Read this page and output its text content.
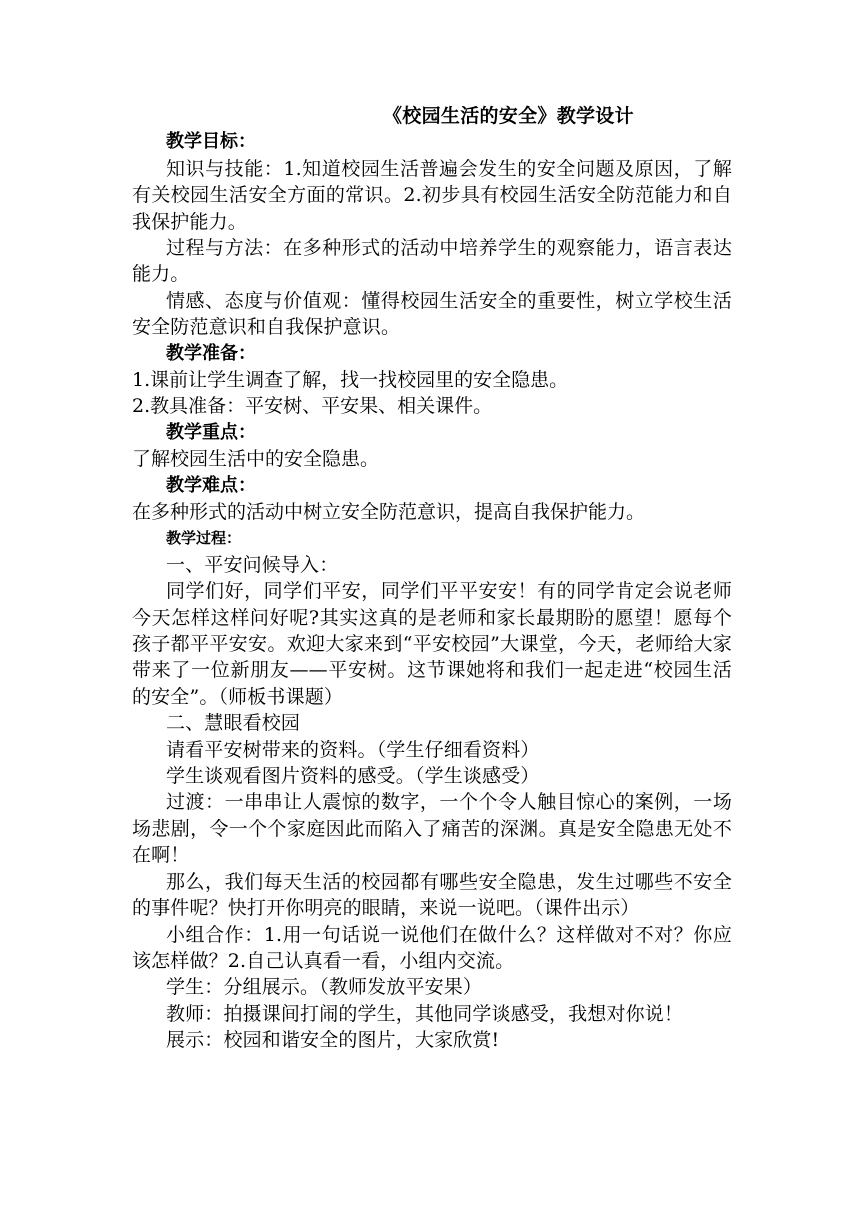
《校园生活的安全》教学设计
教学目标：

知识与技能：1.知道校园生活普遍会发生的安全问题及原因，了解有关校园生活安全方面的常识。2.初步具有校园生活安全防范能力和自我保护能力。

过程与方法：在多种形式的活动中培养学生的观察能力，语言表达能力。

情感、态度与价值观：懂得校园生活安全的重要性，树立学校生活安全防范意识和自我保护意识。

教学准备：

1.课前让学生调查了解，找一找校园里的安全隐患。

2.教具准备：平安树、平安果、相关课件。

教学重点：

了解校园生活中的安全隐患。

教学难点：

在多种形式的活动中树立安全防范意识，提高自我保护能力。

教学过程：

一、平安问候导入：

同学们好，同学们平安，同学们平平安安！有的同学肯定会说老师今天怎样这样问好呢?其实这真的是老师和家长最期盼的愿望！愿每个孩子都平平安安。欢迎大家来到“平安校园”大课堂，今天，老师给大家带来了一位新朋友——平安树。这节课她将和我们一起走进“校园生活的安全”。（师板书课题）

二、慧眼看校园

请看平安树带来的资料。（学生仔细看资料）

学生谈观看图片资料的感受。（学生谈感受）

过渡：一串串让人震惊的数字，一个个令人触目惊心的案例，一场场悲剧，令一个个家庭因此而陷入了痛苦的深渊。真是安全隐患无处不在啊！

那么，我们每天生活的校园都有哪些安全隐患，发生过哪些不安全的事件呢？快打开你明亮的眼睛，来说一说吧。（课件出示）

小组合作：1.用一句话说一说他们在做什么？这样做对不对？你应该怎样做？2.自己认真看一看，小组内交流。

学生：分组展示。（教师发放平安果）

教师：拍摄课间打闹的学生，其他同学谈感受，我想对你说！

展示：校园和谐安全的图片，大家欣赏!
